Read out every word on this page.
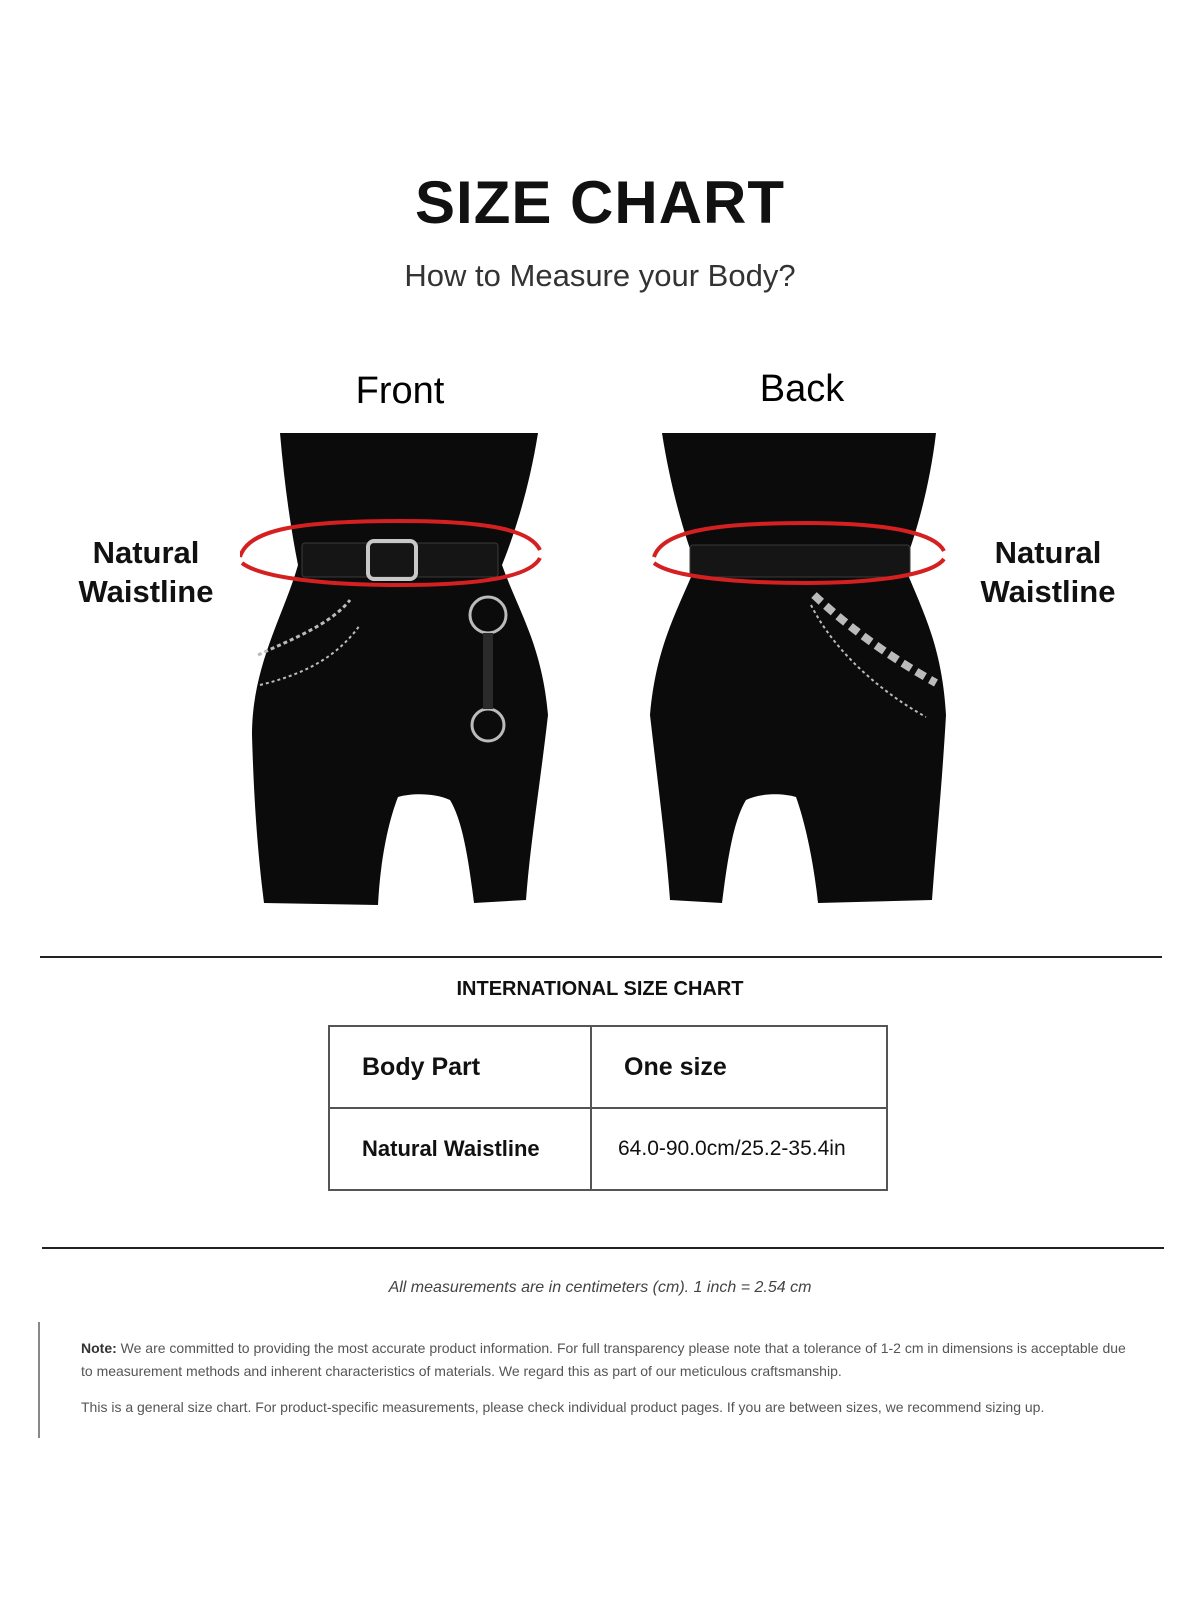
SIZE CHART
How to Measure your Body?
Front	Back
Natural
Waistline
Natural
Waistline
INTERNATIONAL SIZE CHART
Body Part	One size
Natural Waistline	64.0-90.0cm/25.2-35.4in
All measurements are in centimeters (cm). 1 inch = 2.54 cm
Note: We are committed to providing the most accurate product information. For full transparency please note that a tolerance of 1-2 cm in dimensions is acceptable due to measurement methods and inherent characteristics of materials. We regard this as part of our meticulous craftsmanship.
This is a general size chart. For product-specific measurements, please check individual product pages. If you are between sizes, we recommend sizing up.
